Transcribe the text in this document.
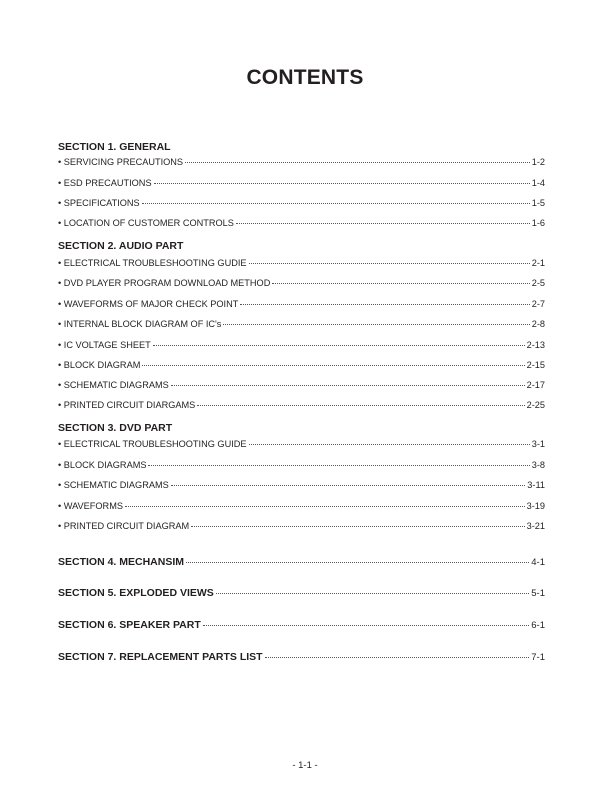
CONTENTS
SECTION 1. GENERAL
• SERVICING PRECAUTIONS	1-2
• ESD PRECAUTIONS	1-4
• SPECIFICATIONS	1-5
• LOCATION OF CUSTOMER CONTROLS	1-6
SECTION 2. AUDIO PART
• ELECTRICAL TROUBLESHOOTING GUDIE	2-1
• DVD PLAYER PROGRAM DOWNLOAD METHOD	2-5
• WAVEFORMS OF MAJOR CHECK POINT	2-7
• INTERNAL BLOCK DIAGRAM OF IC's	2-8
• IC VOLTAGE SHEET	2-13
• BLOCK DIAGRAM	2-15
• SCHEMATIC DIAGRAMS	2-17
• PRINTED CIRCUIT DIARGAMS	2-25
SECTION 3. DVD PART
• ELECTRICAL TROUBLESHOOTING GUIDE	3-1
• BLOCK DIAGRAMS	3-8
• SCHEMATIC DIAGRAMS	3-11
• WAVEFORMS	3-19
• PRINTED CIRCUIT DIAGRAM	3-21
SECTION 4. MECHANSIM	4-1
SECTION 5. EXPLODED VIEWS	5-1
SECTION 6. SPEAKER PART	6-1
SECTION 7. REPLACEMENT PARTS LIST	7-1
- 1-1 -
